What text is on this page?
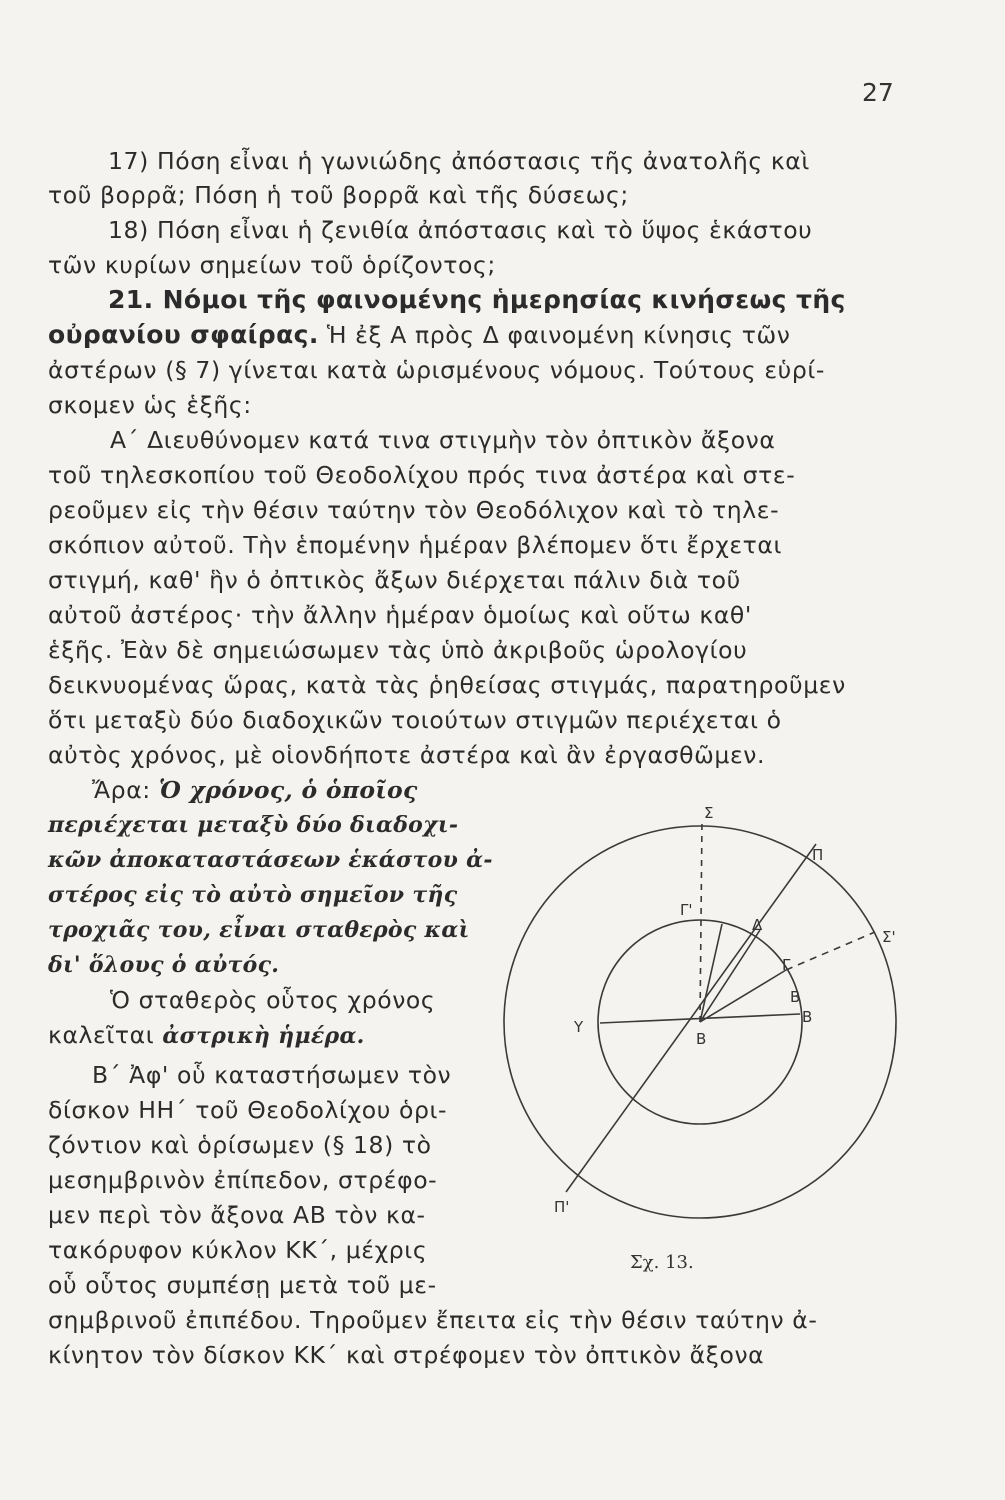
27
17) Πόση εἶναι ἡ γωνιώδης ἀπόστασις τῆς ἀνατολῆς καὶ
τοῦ βορρᾶ; Πόση ἡ τοῦ βορρᾶ καὶ τῆς δύσεως;
18) Πόση εἶναι ἡ ζενιθία ἀπόστασις καὶ τὸ ὕψος ἑκάστου
τῶν κυρίων σημείων τοῦ ὁρίζοντος;
21. Νόμοι τῆς φαινομένης ἡμερησίας κινήσεως τῆς
οὐρανίου σφαίρας. Ἡ ἐξ Α πρὸς Δ φαινομένη κίνησις τῶν
ἀστέρων (§ 7) γίνεται κατὰ ὡρισμένους νόμους. Τούτους εὑρί-
σκομεν ὡς ἑξῆς:
Α΄ Διευθύνομεν κατά τινα στιγμὴν τὸν ὀπτικὸν ἄξονα
τοῦ τηλεσκοπίου τοῦ Θεοδολίχου πρός τινα ἀστέρα καὶ στε-
ρεοῦμεν εἰς τὴν θέσιν ταύτην τὸν Θεοδόλιχον καὶ τὸ τηλε-
σκόπιον αὐτοῦ. Τὴν ἑπομένην ἡμέραν βλέπομεν ὅτι ἔρχεται
στιγμή, καθ' ἣν ὁ ὀπτικὸς ἄξων διέρχεται πάλιν διὰ τοῦ
αὐτοῦ ἀστέρος· τὴν ἄλλην ἡμέραν ὁμοίως καὶ οὕτω καθ'
ἑξῆς. Ἐὰν δὲ σημειώσωμεν τὰς ὑπὸ ἀκριβοῦς ὡρολογίου
δεικνυομένας ὥρας, κατὰ τὰς ῥηθείσας στιγμάς, παρατηροῦμεν
ὅτι μεταξὺ δύο διαδοχικῶν τοιούτων στιγμῶν περιέχεται ὁ
αὐτὸς χρόνος, μὲ οἱονδήποτε ἀστέρα καὶ ἂν ἐργασθῶμεν.
Ἄρα: Ὁ χρόνος, ὁ ὁποῖος
περιέχεται μεταξὺ δύο διαδοχι-
κῶν ἀποκαταστάσεων ἑκάστου ἀ-
στέρος εἰς τὸ αὐτὸ σημεῖον τῆς
τροχιᾶς του, εἶναι σταθερὸς καὶ
δι' ὅλους ὁ αὐτός.
Ὁ σταθερὸς οὗτος χρόνος
καλεῖται ἀστρικὴ ἡμέρα.
Β΄ Ἀφ' οὗ καταστήσωμεν τὸν
δίσκον ΗΗ΄ τοῦ Θεοδολίχου ὁρι-
ζόντιον καὶ ὁρίσωμεν (§ 18) τὸ
μεσημβρινὸν ἐπίπεδον, στρέφο-
μεν περὶ τὸν ἄξονα ΑΒ τὸν κα-
τακόρυφον κύκλον ΚΚ΄, μέχρις
οὗ οὗτος συμπέσῃ μετὰ τοῦ με-
σημβρινοῦ ἐπιπέδου. Τηροῦμεν ἔπειτα εἰς τὴν θέσιν ταύτην ἀ-
κίνητον τὸν δίσκον ΚΚ΄ καὶ στρέφομεν τὸν ὀπτικὸν ἄξονα
Σ
Π
Γ'
Δ
Σ'
Γ
Β
Β
Υ
Β
Π'
Σχ. 13.
